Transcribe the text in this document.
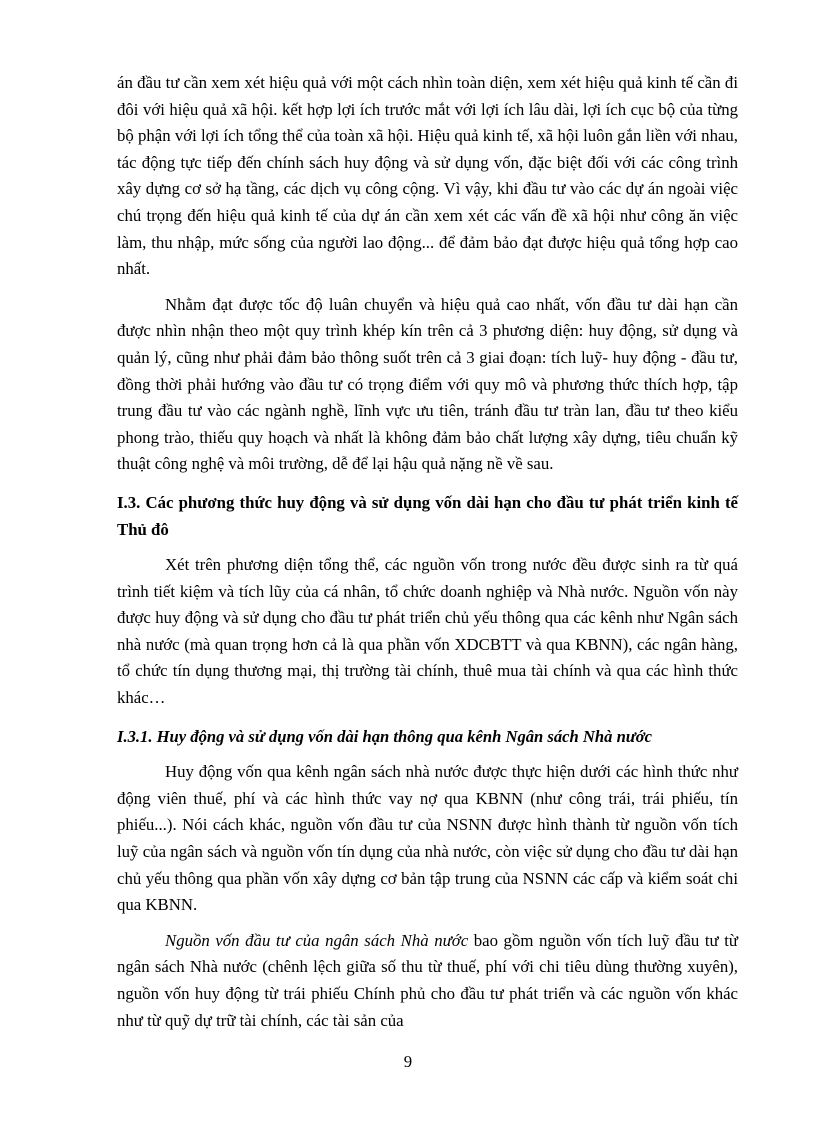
án đầu tư cần xem xét hiệu quả với một cách nhìn toàn diện, xem xét hiệu quả kinh tế cần đi đôi với hiệu quả xã hội. kết hợp lợi ích trước mắt với lợi ích lâu dài, lợi ích cục bộ của từng bộ phận với lợi ích tổng thể của toàn xã hội. Hiệu quả kinh tế, xã hội luôn gắn liền với nhau, tác động tực tiếp đến chính sách huy động và sử dụng vốn, đặc biệt đối với các công trình xây dựng cơ sở hạ tầng, các dịch vụ công cộng. Vì vậy, khi đầu tư vào các dự án ngoài việc chú trọng đến hiệu quả kinh tế của dự án cần xem xét các vấn đề xã hội như công ăn việc làm, thu nhập, mức sống của người lao động... để đảm bảo đạt được hiệu quả tổng hợp cao nhất.

Nhằm đạt được tốc độ luân chuyển và hiệu quả cao nhất, vốn đầu tư dài hạn cần được nhìn nhận theo một quy trình khép kín trên cả 3 phương diện: huy động, sử dụng và quản lý, cũng như phải đảm bảo thông suốt trên cả 3 giai đoạn: tích luỹ- huy động - đầu tư, đồng thời phải hướng vào đầu tư có trọng điểm với quy mô và phương thức thích hợp, tập trung đầu tư vào các ngành nghề, lĩnh vực ưu tiên, tránh đầu tư tràn lan, đầu tư theo kiểu phong trào, thiếu quy hoạch và nhất là không đảm bảo chất lượng xây dựng, tiêu chuẩn kỹ thuật công nghệ và môi trường, dễ để lại hậu quả nặng nề về sau.

I.3. Các phương thức huy động và sử dụng vốn dài hạn cho đầu tư phát triển kinh tế Thủ đô

Xét trên phương diện tổng thể, các nguồn vốn trong nước đều được sinh ra từ quá trình tiết kiệm và tích lũy của cá nhân, tổ chức doanh nghiệp và Nhà nước. Nguồn vốn này được huy động và sử dụng cho đầu tư phát triển chủ yếu thông qua các kênh như Ngân sách nhà nước (mà quan trọng hơn cả là qua phần vốn XDCBTT và qua KBNN), các ngân hàng, tổ chức tín dụng thương mại, thị trường tài chính, thuê mua tài chính và qua các hình thức khác…

I.3.1. Huy động và sử dụng vốn dài hạn thông qua kênh Ngân sách Nhà nước

Huy động vốn qua kênh ngân sách nhà nước được thực hiện dưới các hình thức như động viên thuế, phí và các hình thức vay nợ qua KBNN (như công trái, trái phiếu, tín phiếu...). Nói cách khác, nguồn vốn đầu tư của NSNN được hình thành từ nguồn vốn tích luỹ của ngân sách và nguồn vốn tín dụng của nhà nước, còn việc sử dụng cho đầu tư dài hạn chủ yếu thông qua phần vốn xây dựng cơ bản tập trung của NSNN các cấp và kiểm soát chi qua KBNN.

Nguồn vốn đầu tư của ngân sách Nhà nước bao gồm nguồn vốn tích luỹ đầu tư từ ngân sách Nhà nước (chênh lệch giữa số thu từ thuế, phí với chi tiêu dùng thường xuyên), nguồn vốn huy động từ trái phiếu Chính phủ cho đầu tư phát triển và các nguồn vốn khác như từ quỹ dự trữ tài chính, các tài sản của

9
